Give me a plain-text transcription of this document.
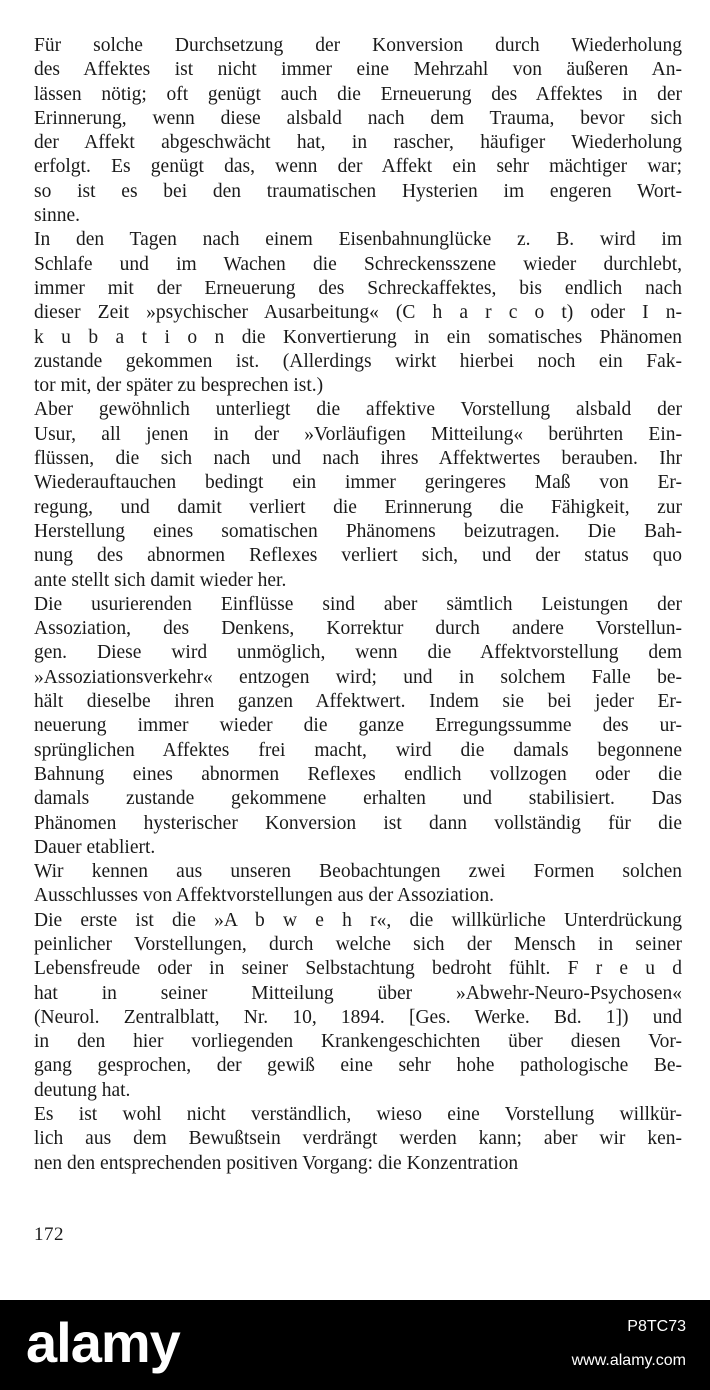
Für solche Durchsetzung der Konversion durch Wiederholung
des Affektes ist nicht immer eine Mehrzahl von äußeren An-
lässen nötig; oft genügt auch die Erneuerung des Affektes in der
Erinnerung, wenn diese alsbald nach dem Trauma, bevor sich
der Affekt abgeschwächt hat, in rascher, häufiger Wiederholung
erfolgt. Es genügt das, wenn der Affekt ein sehr mächtiger war;
so ist es bei den traumatischen Hysterien im engeren Wort-
sinne.
In den Tagen nach einem Eisenbahnunglücke z. B. wird im
Schlafe und im Wachen die Schreckensszene wieder durchlebt,
immer mit der Erneuerung des Schreckaffektes, bis endlich nach
dieser Zeit »psychischer Ausarbeitung« (C h a r c o t) oder I n-
k u b a t i o n die Konvertierung in ein somatisches Phänomen
zustande gekommen ist. (Allerdings wirkt hierbei noch ein Fak-
tor mit, der später zu besprechen ist.)
Aber gewöhnlich unterliegt die affektive Vorstellung alsbald der
Usur, all jenen in der »Vorläufigen Mitteilung« berührten Ein-
flüssen, die sich nach und nach ihres Affektwertes berauben. Ihr
Wiederauftauchen bedingt ein immer geringeres Maß von Er-
regung, und damit verliert die Erinnerung die Fähigkeit, zur
Herstellung eines somatischen Phänomens beizutragen. Die Bah-
nung des abnormen Reflexes verliert sich, und der status quo
ante stellt sich damit wieder her.
Die usurierenden Einflüsse sind aber sämtlich Leistungen der
Assoziation, des Denkens, Korrektur durch andere Vorstellun-
gen. Diese wird unmöglich, wenn die Affektvorstellung dem
»Assoziationsverkehr« entzogen wird; und in solchem Falle be-
hält dieselbe ihren ganzen Affektwert. Indem sie bei jeder Er-
neuerung immer wieder die ganze Erregungssumme des ur-
sprünglichen Affektes frei macht, wird die damals begonnene
Bahnung eines abnormen Reflexes endlich vollzogen oder die
damals zustande gekommene erhalten und stabilisiert. Das
Phänomen hysterischer Konversion ist dann vollständig für die
Dauer etabliert.
Wir kennen aus unseren Beobachtungen zwei Formen solchen
Ausschlusses von Affektvorstellungen aus der Assoziation.
Die erste ist die »A b w e h r«, die willkürliche Unterdrückung
peinlicher Vorstellungen, durch welche sich der Mensch in seiner
Lebensfreude oder in seiner Selbstachtung bedroht fühlt. F r e u d
hat in seiner Mitteilung über »Abwehr-Neuro-Psychosen«
(Neurol. Zentralblatt, Nr. 10, 1894. [Ges. Werke. Bd. 1]) und
in den hier vorliegenden Krankengeschichten über diesen Vor-
gang gesprochen, der gewiß eine sehr hohe pathologische Be-
deutung hat.
Es ist wohl nicht verständlich, wieso eine Vorstellung willkür-
lich aus dem Bewußtsein verdrängt werden kann; aber wir ken-
nen den entsprechenden positiven Vorgang: die Konzentration
172
alamy	P8TC73
www.alamy.com
